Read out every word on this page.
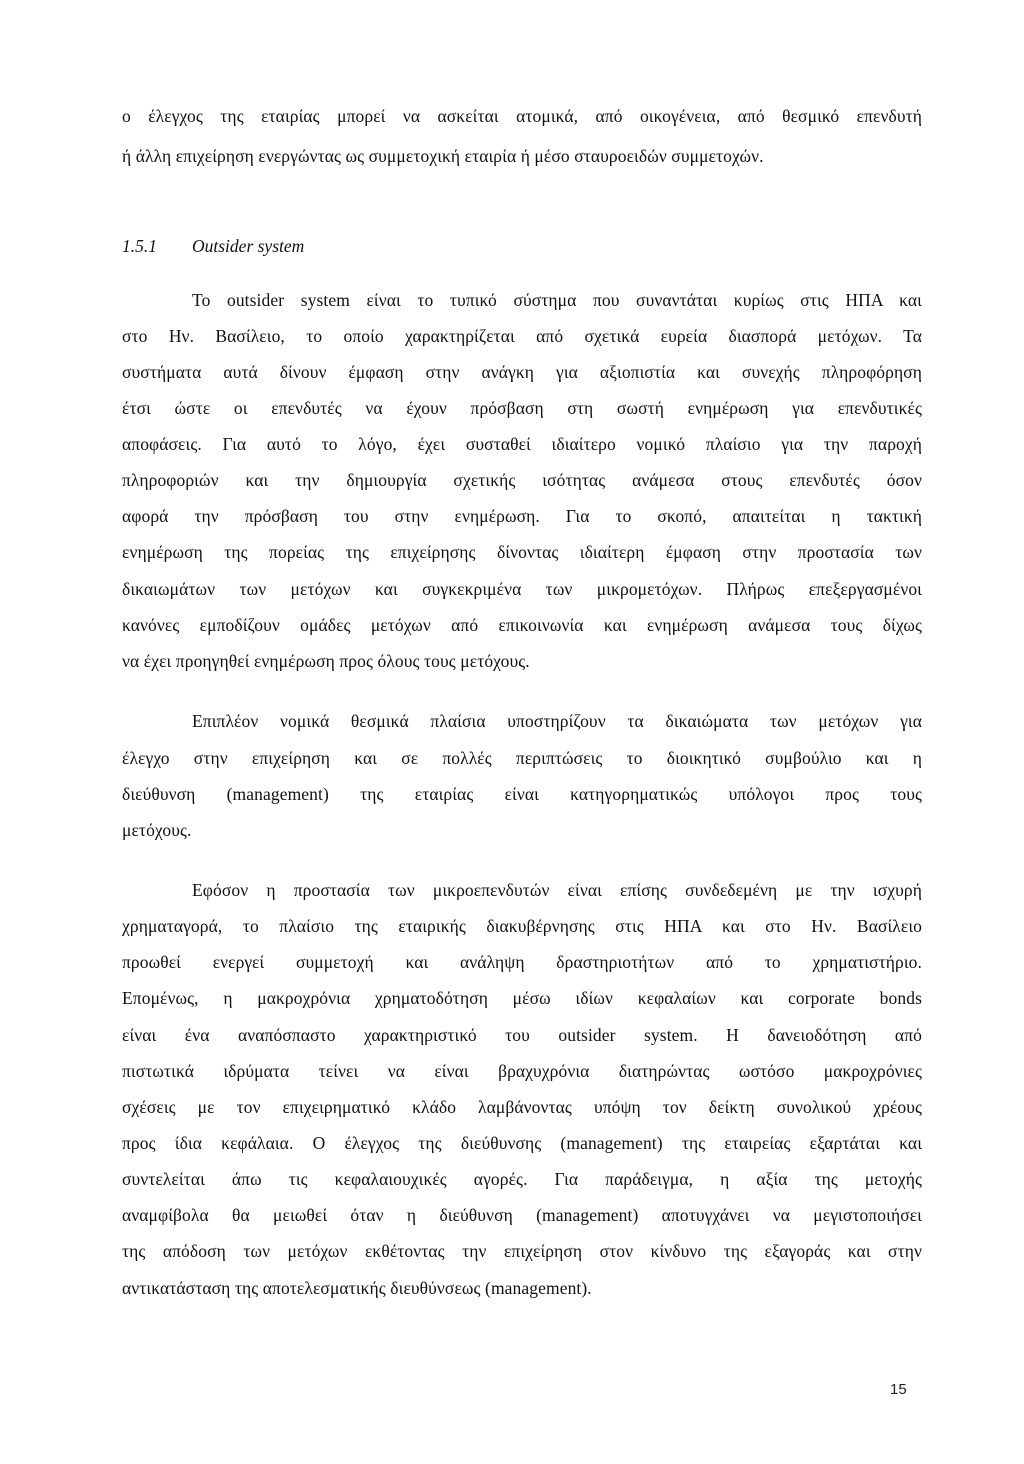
ο έλεγχος της εταιρίας μπορεί να ασκείται ατομικά, από οικογένεια, από θεσμικό επενδυτή

ή άλλη επιχείρηση ενεργώντας ως συμμετοχική εταιρία ή μέσο σταυροειδών συμμετοχών.

1.5.1 Outsider system

Το outsider system είναι το τυπικό σύστημα που συναντάται κυρίως στις ΗΠΑ και

στο Ην. Βασίλειο, το οποίο χαρακτηρίζεται από σχετικά ευρεία διασπορά μετόχων. Τα

συστήματα αυτά δίνουν έμφαση στην ανάγκη για αξιοπιστία και συνεχής πληροφόρηση

έτσι ώστε οι επενδυτές να έχουν πρόσβαση στη σωστή ενημέρωση για επενδυτικές

αποφάσεις. Για αυτό το λόγο, έχει συσταθεί ιδιαίτερο νομικό πλαίσιο για την παροχή

πληροφοριών και την δημιουργία σχετικής ισότητας ανάμεσα στους επενδυτές όσον

αφορά την πρόσβαση του στην ενημέρωση. Για το σκοπό, απαιτείται η τακτική

ενημέρωση της πορείας της επιχείρησης δίνοντας ιδιαίτερη έμφαση στην προστασία των

δικαιωμάτων των μετόχων και συγκεκριμένα των μικρομετόχων. Πλήρως επεξεργασμένοι

κανόνες εμποδίζουν ομάδες μετόχων από επικοινωνία και ενημέρωση ανάμεσα τους δίχως

να έχει προηγηθεί ενημέρωση προς όλους τους μετόχους.

Επιπλέον νομικά θεσμικά πλαίσια υποστηρίζουν τα δικαιώματα των μετόχων για

έλεγχο στην επιχείρηση και σε πολλές περιπτώσεις το διοικητικό συμβούλιο και η

διεύθυνση (management) της εταιρίας είναι κατηγορηματικώς υπόλογοι προς τους

μετόχους.

Εφόσον η προστασία των μικροεπενδυτών είναι επίσης συνδεδεμένη με την ισχυρή

χρηματαγορά, το πλαίσιο της εταιρικής διακυβέρνησης στις ΗΠΑ και στο Ην. Βασίλειο

προωθεί ενεργεί συμμετοχή και ανάληψη δραστηριοτήτων από το χρηματιστήριο.

Επομένως, η μακροχρόνια χρηματοδότηση μέσω ιδίων κεφαλαίων και corporate bonds

είναι ένα αναπόσπαστο χαρακτηριστικό του outsider system. Η δανειοδότηση από

πιστωτικά ιδρύματα τείνει να είναι βραχυχρόνια διατηρώντας ωστόσο μακροχρόνιες

σχέσεις με τον επιχειρηματικό κλάδο λαμβάνοντας υπόψη τον δείκτη συνολικού χρέους

προς ίδια κεφάλαια. Ο έλεγχος της διεύθυνσης (management) της εταιρείας εξαρτάται και

συντελείται άπω τις κεφαλαιουχικές αγορές. Για παράδειγμα, η αξία της μετοχής

αναμφίβολα θα μειωθεί όταν η διεύθυνση (management) αποτυγχάνει να μεγιστοποιήσει

της απόδοση των μετόχων εκθέτοντας την επιχείρηση στον κίνδυνο της εξαγοράς και στην

αντικατάσταση της αποτελεσματικής διευθύνσεως (management).

15
